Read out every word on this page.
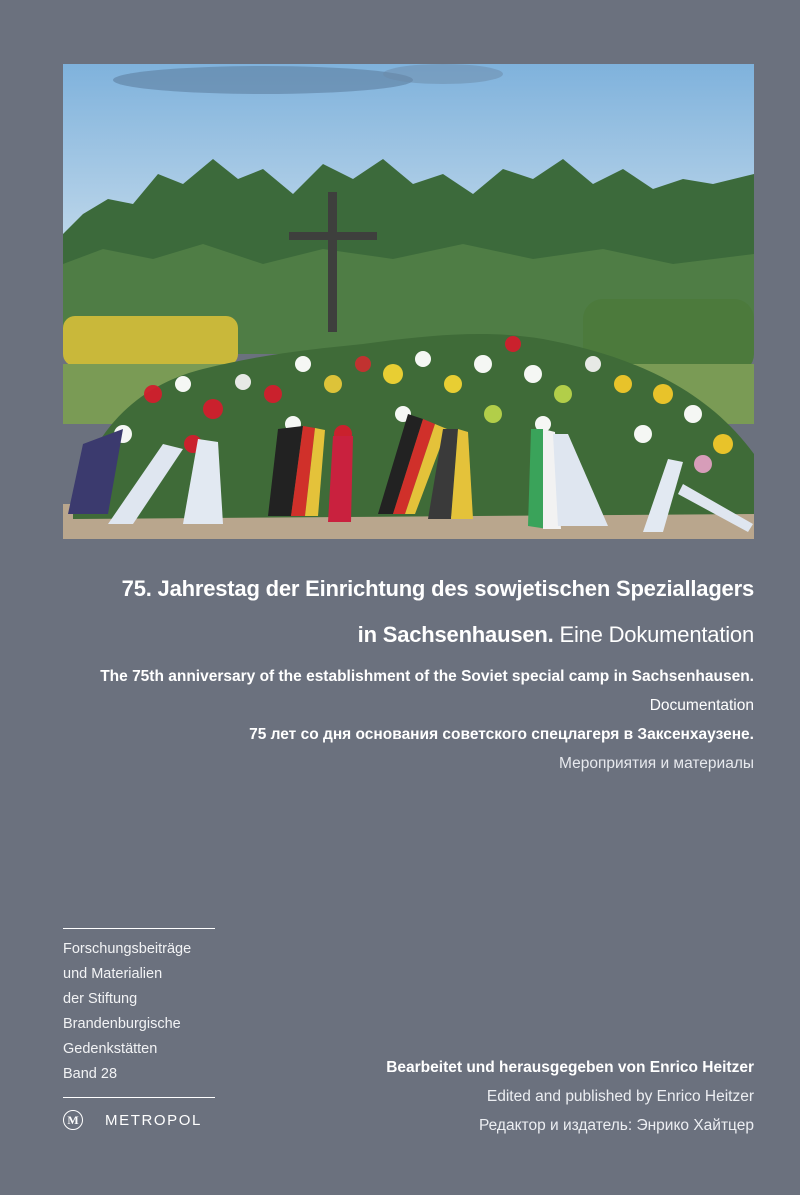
75. Jahrestag der Einrichtung des sowjetischen Speziallagers
in Sachsenhausen. Eine Dokumentation
The 75th anniversary of the establishment of the Soviet special camp in Sachsenhausen.
Documentation
75 лет со дня основания советского спецлагеря в Заксенхаузене.
Мероприятия и материалы
Forschungsbeiträge
und Materialien
der Stiftung
Brandenburgische
Gedenkstätten
Band 28
M METROPOL
Bearbeitet und herausgegeben von Enrico Heitzer
Edited and published by Enrico Heitzer
Редактор и издатель: Энрико Хайтцер
